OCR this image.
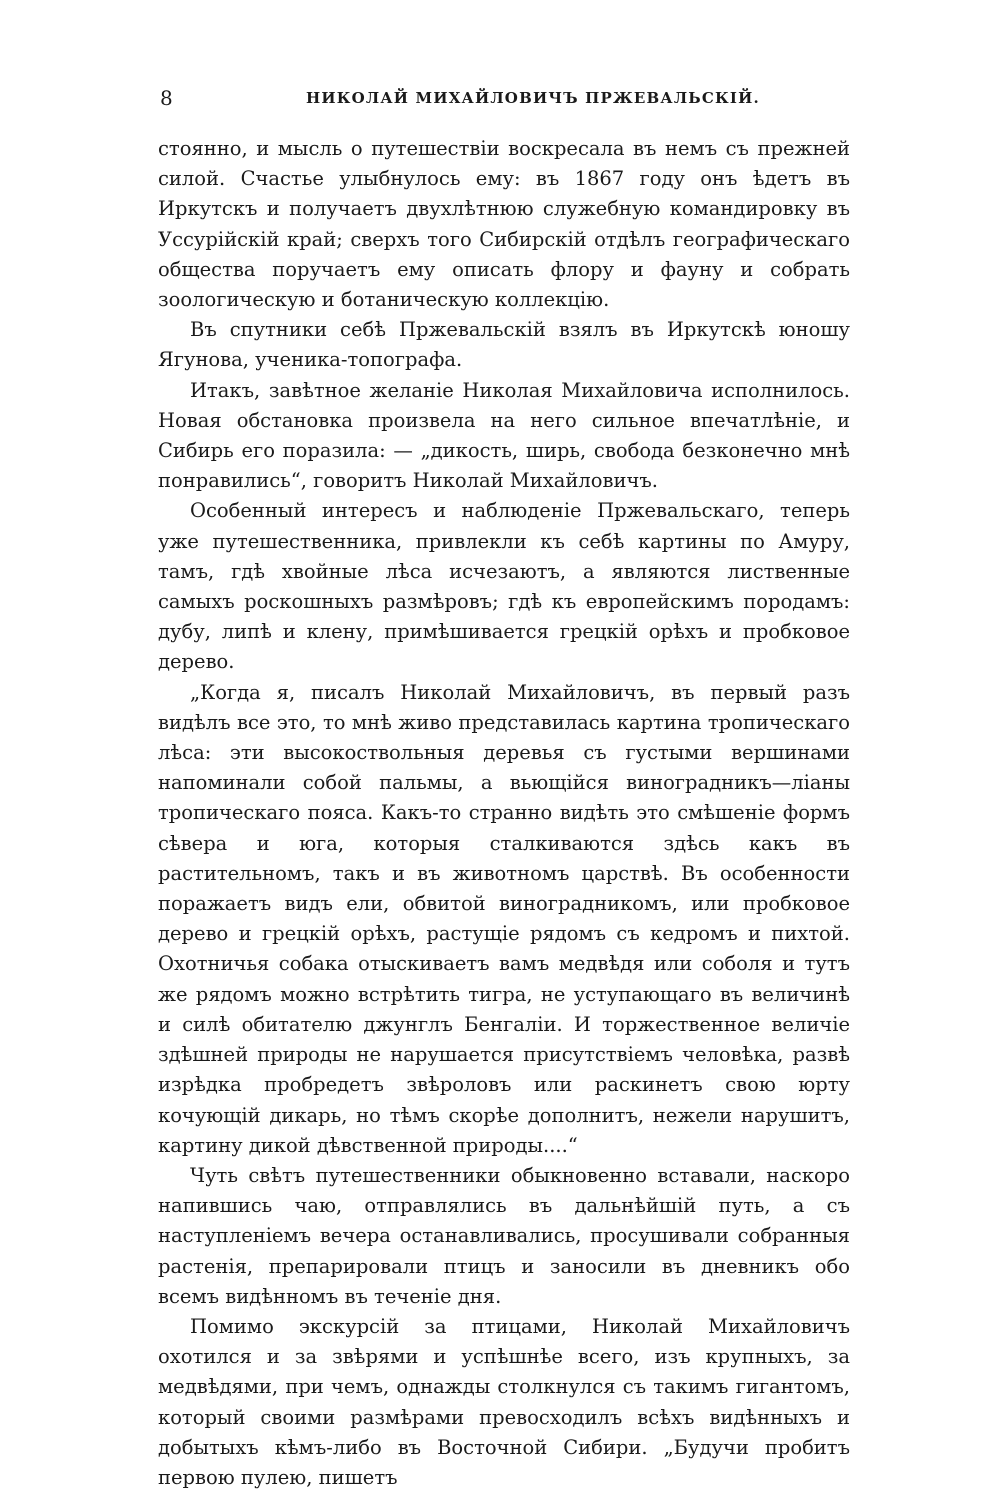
8	НИКОЛАЙ МИХАЙЛОВИЧЪ ПРЖЕВАЛЬСКІЙ.

стоянно, и мысль о путешествіи воскресала въ немъ съ прежней силой. Счастье улыбнулось ему: въ 1867 году онъ ѣдетъ въ Иркутскъ и получаетъ двухлѣтнюю служебную командировку въ Уссурійскій край; сверхъ того Сибирскій отдѣлъ географическаго общества поручаетъ ему описать флору и фауну и собрать зоологическую и ботаническую коллекцію.

Въ спутники себѣ Пржевальскій взялъ въ Иркутскѣ юношу Ягунова, ученика-топографа.

Итакъ, завѣтное желаніе Николая Михайловича исполнилось. Новая обстановка произвела на него сильное впечатлѣніе, и Сибирь его поразила: — „дикость, ширь, свобода безконечно мнѣ понравились“, говоритъ Николай Михайловичъ.

Особенный интересъ и наблюденіе Пржевальскаго, теперь уже путешественника, привлекли къ себѣ картины по Амуру, тамъ, гдѣ хвойные лѣса исчезаютъ, а являются лиственные самыхъ роскошныхъ размѣровъ; гдѣ къ европейскимъ породамъ: дубу, липѣ и клену, примѣшивается грецкій орѣхъ и пробковое дерево.

„Когда я, писалъ Николай Михайловичъ, въ первый разъ видѣлъ все это, то мнѣ живо представилась картина тропическаго лѣса: эти высокоствольныя деревья съ густыми вершинами напоминали собой пальмы, а вьющійся виноградникъ—ліаны тропическаго пояса. Какъ-то странно видѣть это смѣшеніе формъ сѣвера и юга, которыя сталкиваются здѣсь какъ въ растительномъ, такъ и въ животномъ царствѣ. Въ особенности поражаетъ видъ ели, обвитой виноградникомъ, или пробковое дерево и грецкій орѣхъ, растущіе рядомъ съ кедромъ и пихтой. Охотничья собака отыскиваетъ вамъ медвѣдя или соболя и тутъ же рядомъ можно встрѣтить тигра, не уступающаго въ величинѣ и силѣ обитателю джунглъ Бенгаліи. И торжественное величіе здѣшней природы не нарушается присутствіемъ человѣка, развѣ изрѣдка пробредетъ звѣроловъ или раскинетъ свою юрту кочующій дикарь, но тѣмъ скорѣе дополнитъ, нежели нарушитъ, картину дикой дѣвственной природы....“

Чуть свѣтъ путешественники обыкновенно вставали, наскоро напившись чаю, отправлялись въ дальнѣйшій путь, а съ наступленіемъ вечера останавливались, просушивали собранныя растенія, препарировали птицъ и заносили въ дневникъ обо всемъ видѣнномъ въ теченіе дня.

Помимо экскурсій за птицами, Николай Михайловичъ охотился и за звѣрями и успѣшнѣе всего, изъ крупныхъ, за медвѣдями, при чемъ, однажды столкнулся съ такимъ гигантомъ, который своими размѣрами превосходилъ всѣхъ видѣнныхъ и добытыхъ кѣмъ-либо въ Восточной Сибири. „Будучи пробитъ первою пулею, пишетъ
